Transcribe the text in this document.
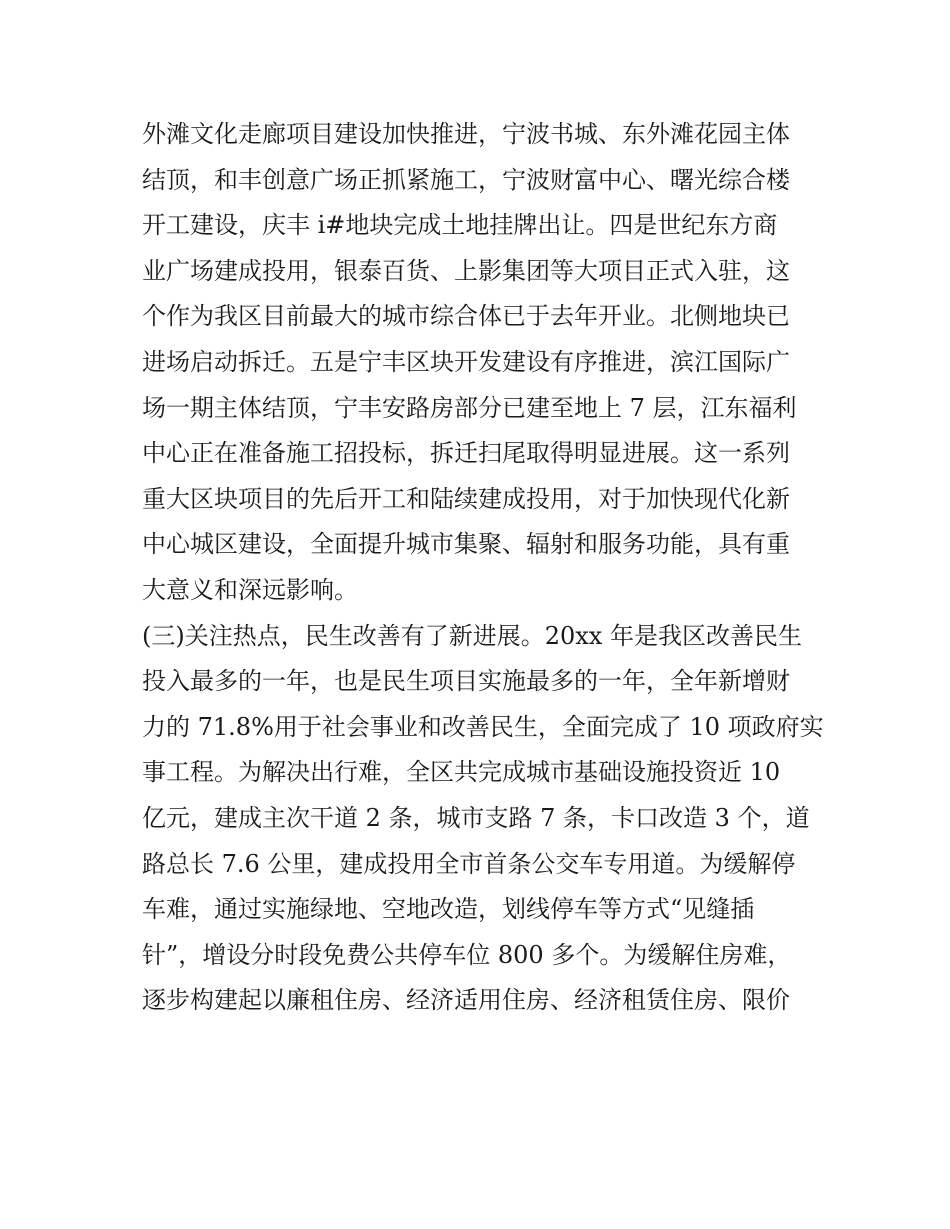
外滩文化走廊项目建设加快推进，宁波书城、东外滩花园主体
结顶，和丰创意广场正抓紧施工，宁波财富中心、曙光综合楼
开工建设，庆丰 i#地块完成土地挂牌出让。四是世纪东方商
业广场建成投用，银泰百货、上影集团等大项目正式入驻，这
个作为我区目前最大的城市综合体已于去年开业。北侧地块已
进场启动拆迁。五是宁丰区块开发建设有序推进，滨江国际广
场一期主体结顶，宁丰安路房部分已建至地上 7 层，江东福利
中心正在准备施工招投标，拆迁扫尾取得明显进展。这一系列
重大区块项目的先后开工和陆续建成投用，对于加快现代化新
中心城区建设，全面提升城市集聚、辐射和服务功能，具有重
大意义和深远影响。
(三)关注热点，民生改善有了新进展。20xx 年是我区改善民生
投入最多的一年，也是民生项目实施最多的一年，全年新增财
力的 71.8%用于社会事业和改善民生，全面完成了 10 项政府实
事工程。为解决出行难，全区共完成城市基础设施投资近 10
亿元，建成主次干道 2 条，城市支路 7 条，卡口改造 3 个，道
路总长 7.6 公里，建成投用全市首条公交车专用道。为缓解停
车难，通过实施绿地、空地改造，划线停车等方式“见缝插
针”，增设分时段免费公共停车位 800 多个。为缓解住房难，
逐步构建起以廉租住房、经济适用住房、经济租赁住房、限价
